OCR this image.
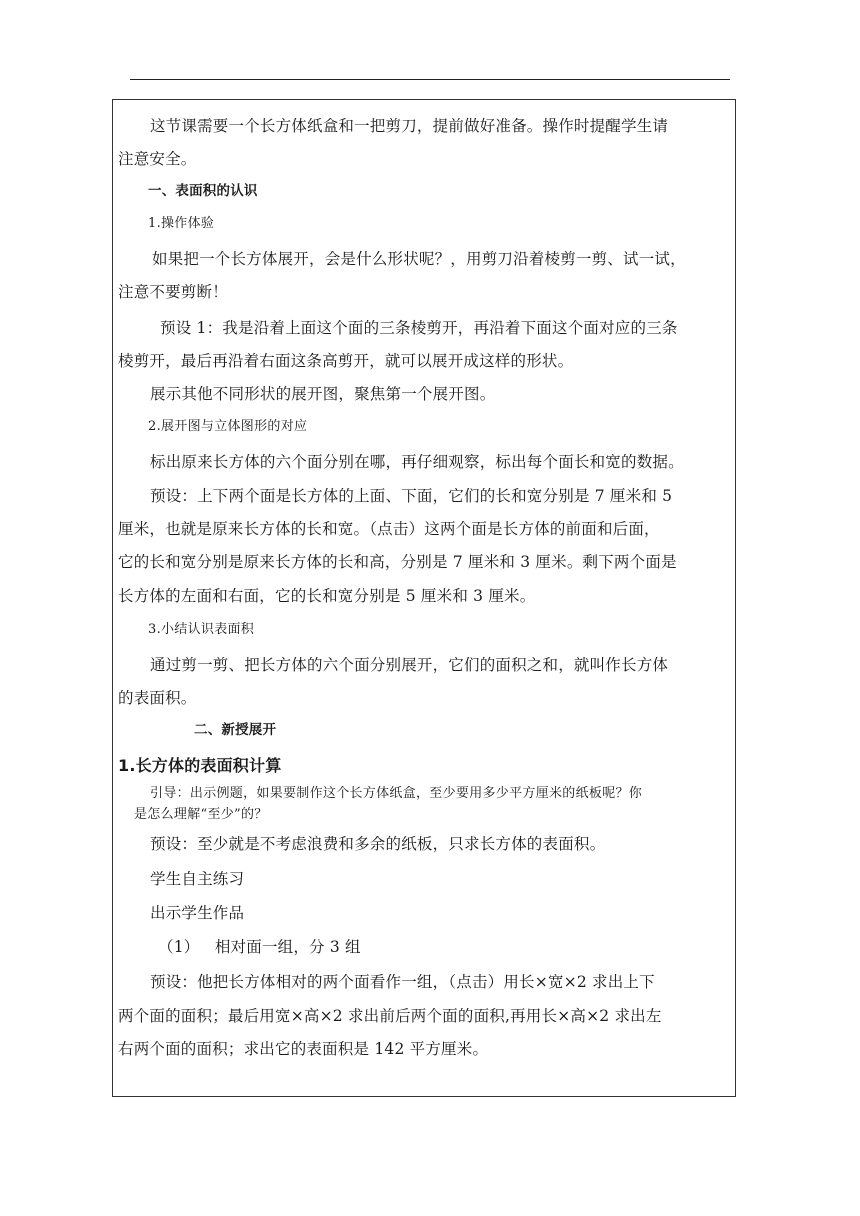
这节课需要一个长方体纸盒和一把剪刀，提前做好准备。操作时提醒学生请
注意安全。
一、表面积的认识
1.操作体验
如果把一个长方体展开，会是什么形状呢？，用剪刀沿着棱剪一剪、试一试，
注意不要剪断！
预设 1：我是沿着上面这个面的三条棱剪开，再沿着下面这个面对应的三条
棱剪开，最后再沿着右面这条高剪开，就可以展开成这样的形状。
展示其他不同形状的展开图，聚焦第一个展开图。
2.展开图与立体图形的对应
标出原来长方体的六个面分别在哪，再仔细观察，标出每个面长和宽的数据。
预设：上下两个面是长方体的上面、下面，它们的长和宽分别是 7 厘米和 5
厘米，也就是原来长方体的长和宽。（点击）这两个面是长方体的前面和后面，
它的长和宽分别是原来长方体的长和高，分别是 7 厘米和 3 厘米。剩下两个面是
长方体的左面和右面，它的长和宽分别是 5 厘米和 3 厘米。
3.小结认识表面积
通过剪一剪、把长方体的六个面分别展开，它们的面积之和，就叫作长方体
的表面积。
二、新授展开
1.长方体的表面积计算
引导：出示例题，如果要制作这个长方体纸盒，至少要用多少平方厘米的纸板呢？你
是怎么理解“至少”的？
预设：至少就是不考虑浪费和多余的纸板，只求长方体的表面积。
学生自主练习
出示学生作品
（1）   相对面一组，分 3 组
预设：他把长方体相对的两个面看作一组，（点击）用长×宽×2 求出上下
两个面的面积；最后用宽×高×2 求出前后两个面的面积,再用长×高×2 求出左
右两个面的面积；求出它的表面积是 142 平方厘米。
